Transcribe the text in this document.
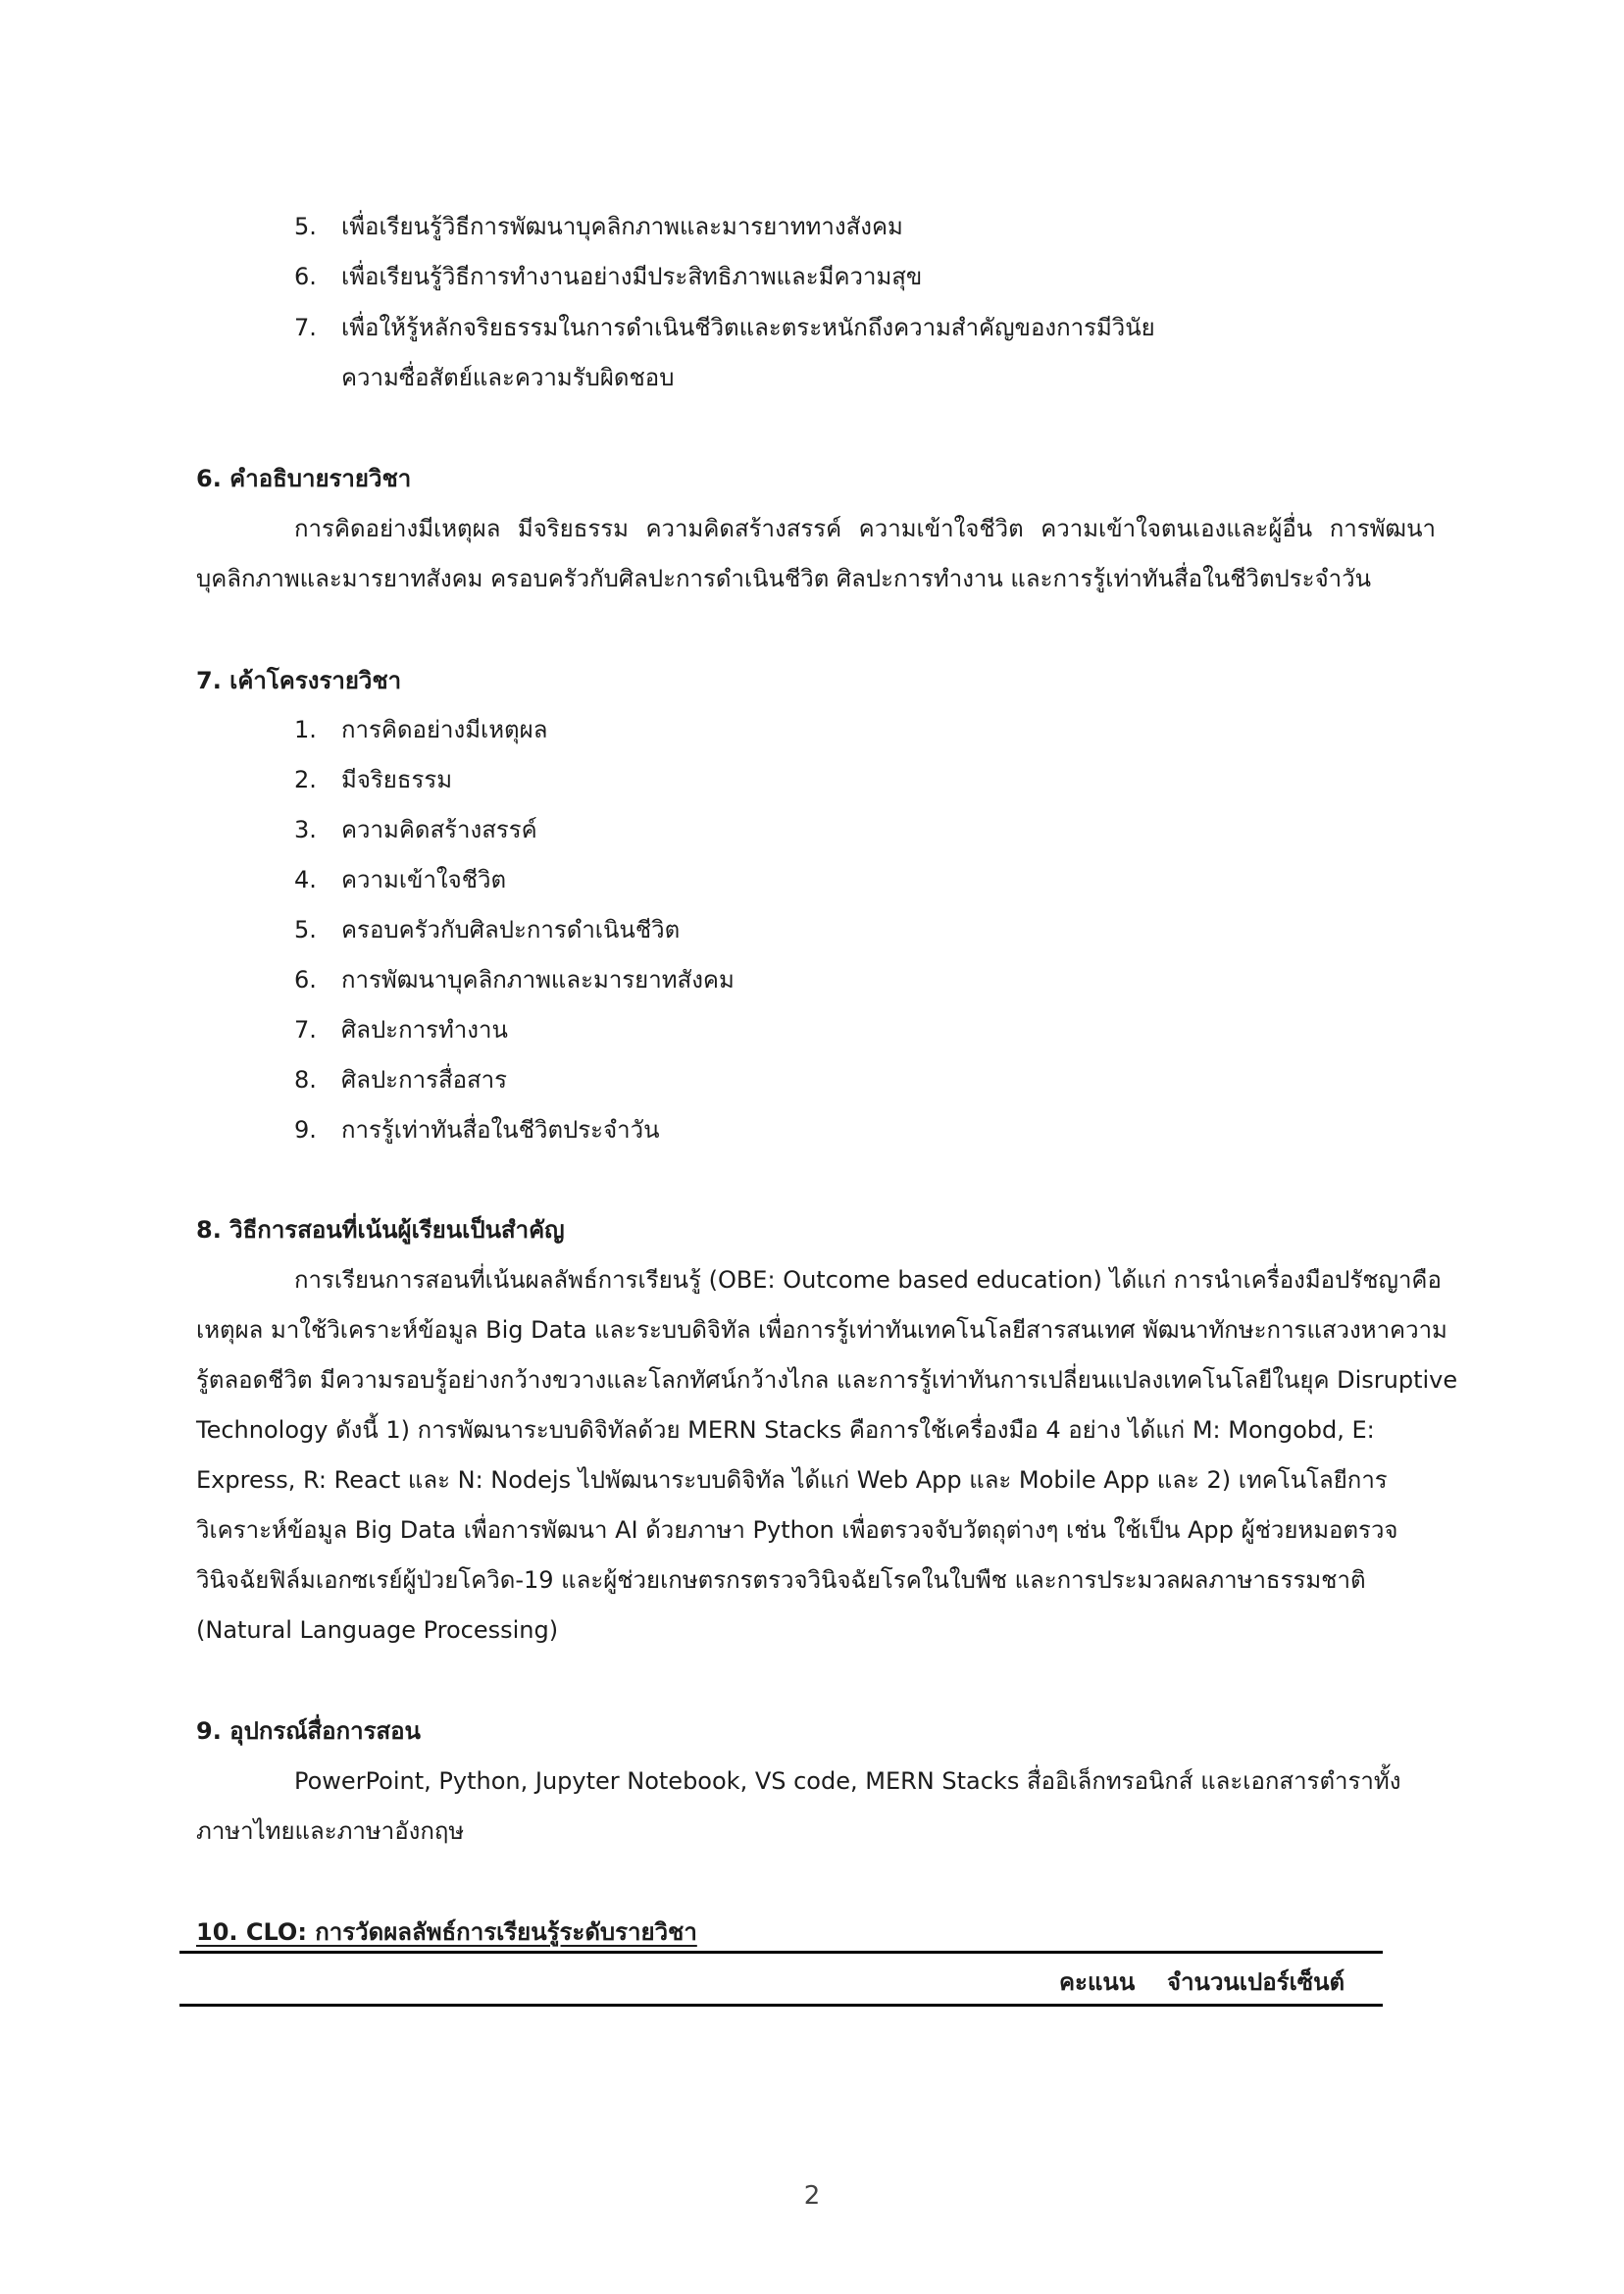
5.	เพื่อเรียนรู้วิธีการพัฒนาบุคลิกภาพและมารยาททางสังคม
6.	เพื่อเรียนรู้วิธีการทำงานอย่างมีประสิทธิภาพและมีความสุข
7.	เพื่อให้รู้หลักจริยธรรมในการดำเนินชีวิตและตระหนักถึงความสำคัญของการมีวินัย
ความซื่อสัตย์และความรับผิดชอบ
6. คำอธิบายรายวิชา
การคิดอย่างมีเหตุผล มีจริยธรรม ความคิดสร้างสรรค์ ความเข้าใจชีวิต ความเข้าใจตนเองและผู้อื่น การพัฒนา
บุคลิกภาพและมารยาทสังคม ครอบครัวกับศิลปะการดำเนินชีวิต ศิลปะการทำงาน และการรู้เท่าทันสื่อในชีวิตประจำวัน
7. เค้าโครงรายวิชา
1.	การคิดอย่างมีเหตุผล
2.	มีจริยธรรม
3.	ความคิดสร้างสรรค์
4.	ความเข้าใจชีวิต
5.	ครอบครัวกับศิลปะการดำเนินชีวิต
6.	การพัฒนาบุคลิกภาพและมารยาทสังคม
7.	ศิลปะการทำงาน
8.	ศิลปะการสื่อสาร
9.	การรู้เท่าทันสื่อในชีวิตประจำวัน
8. วิธีการสอนที่เน้นผู้เรียนเป็นสำคัญ
การเรียนการสอนที่เน้นผลลัพธ์การเรียนรู้ (OBE: Outcome based education) ได้แก่ การนำเครื่องมือปรัชญาคือ
เหตุผล มาใช้วิเคราะห์ข้อมูล Big Data และระบบดิจิทัล เพื่อการรู้เท่าทันเทคโนโลยีสารสนเทศ พัฒนาทักษะการแสวงหาความ
รู้ตลอดชีวิต มีความรอบรู้อย่างกว้างขวางและโลกทัศน์กว้างไกล และการรู้เท่าทันการเปลี่ยนแปลงเทคโนโลยีในยุค Disruptive
Technology ดังนี้ 1) การพัฒนาระบบดิจิทัลด้วย MERN Stacks คือการใช้เครื่องมือ 4 อย่าง ได้แก่ M: Mongobd, E:
Express, R: React และ N: Nodejs ไปพัฒนาระบบดิจิทัล ได้แก่ Web App และ Mobile App และ 2) เทคโนโลยีการ
วิเคราะห์ข้อมูล Big Data เพื่อการพัฒนา AI ด้วยภาษา Python เพื่อตรวจจับวัตถุต่างๆ เช่น ใช้เป็น App ผู้ช่วยหมอตรวจ
วินิจฉัยฟิล์มเอกซเรย์ผู้ป่วยโควิด-19 และผู้ช่วยเกษตรกรตรวจวินิจฉัยโรคในใบพืช และการประมวลผลภาษาธรรมชาติ
(Natural Language Processing)
9. อุปกรณ์สื่อการสอน
PowerPoint, Python, Jupyter Notebook, VS code, MERN Stacks สื่ออิเล็กทรอนิกส์ และเอกสารตำราทั้ง
ภาษาไทยและภาษาอังกฤษ
10. CLO: การวัดผลลัพธ์การเรียนรู้ระดับรายวิชา
คะแนน จำนวนเปอร์เซ็นต์
2
